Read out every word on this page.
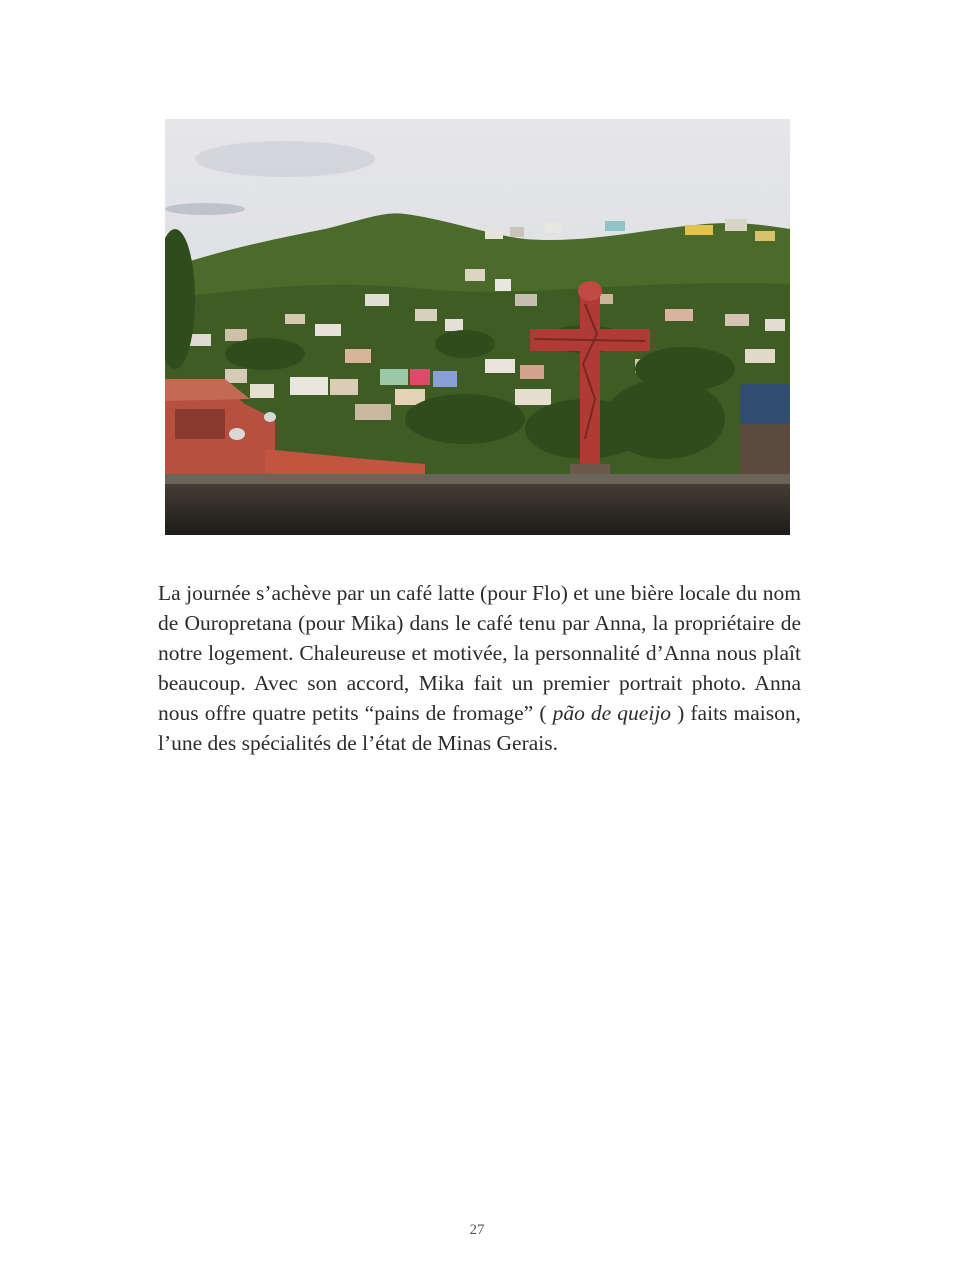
La journée s’achève par un café latte (pour Flo) et une bière locale du nom de Ouropretana (pour Mika) dans le café tenu par Anna, la propriétaire de notre logement. Chaleureuse et motivée, la personnalité d’Anna nous plaît beaucoup. Avec son accord, Mika fait un premier portrait photo. Anna nous offre quatre petits “pains de fromage” ( pão de queijo ) faits maison, l’une des spécialités de l’état de Minas Gerais.

27
